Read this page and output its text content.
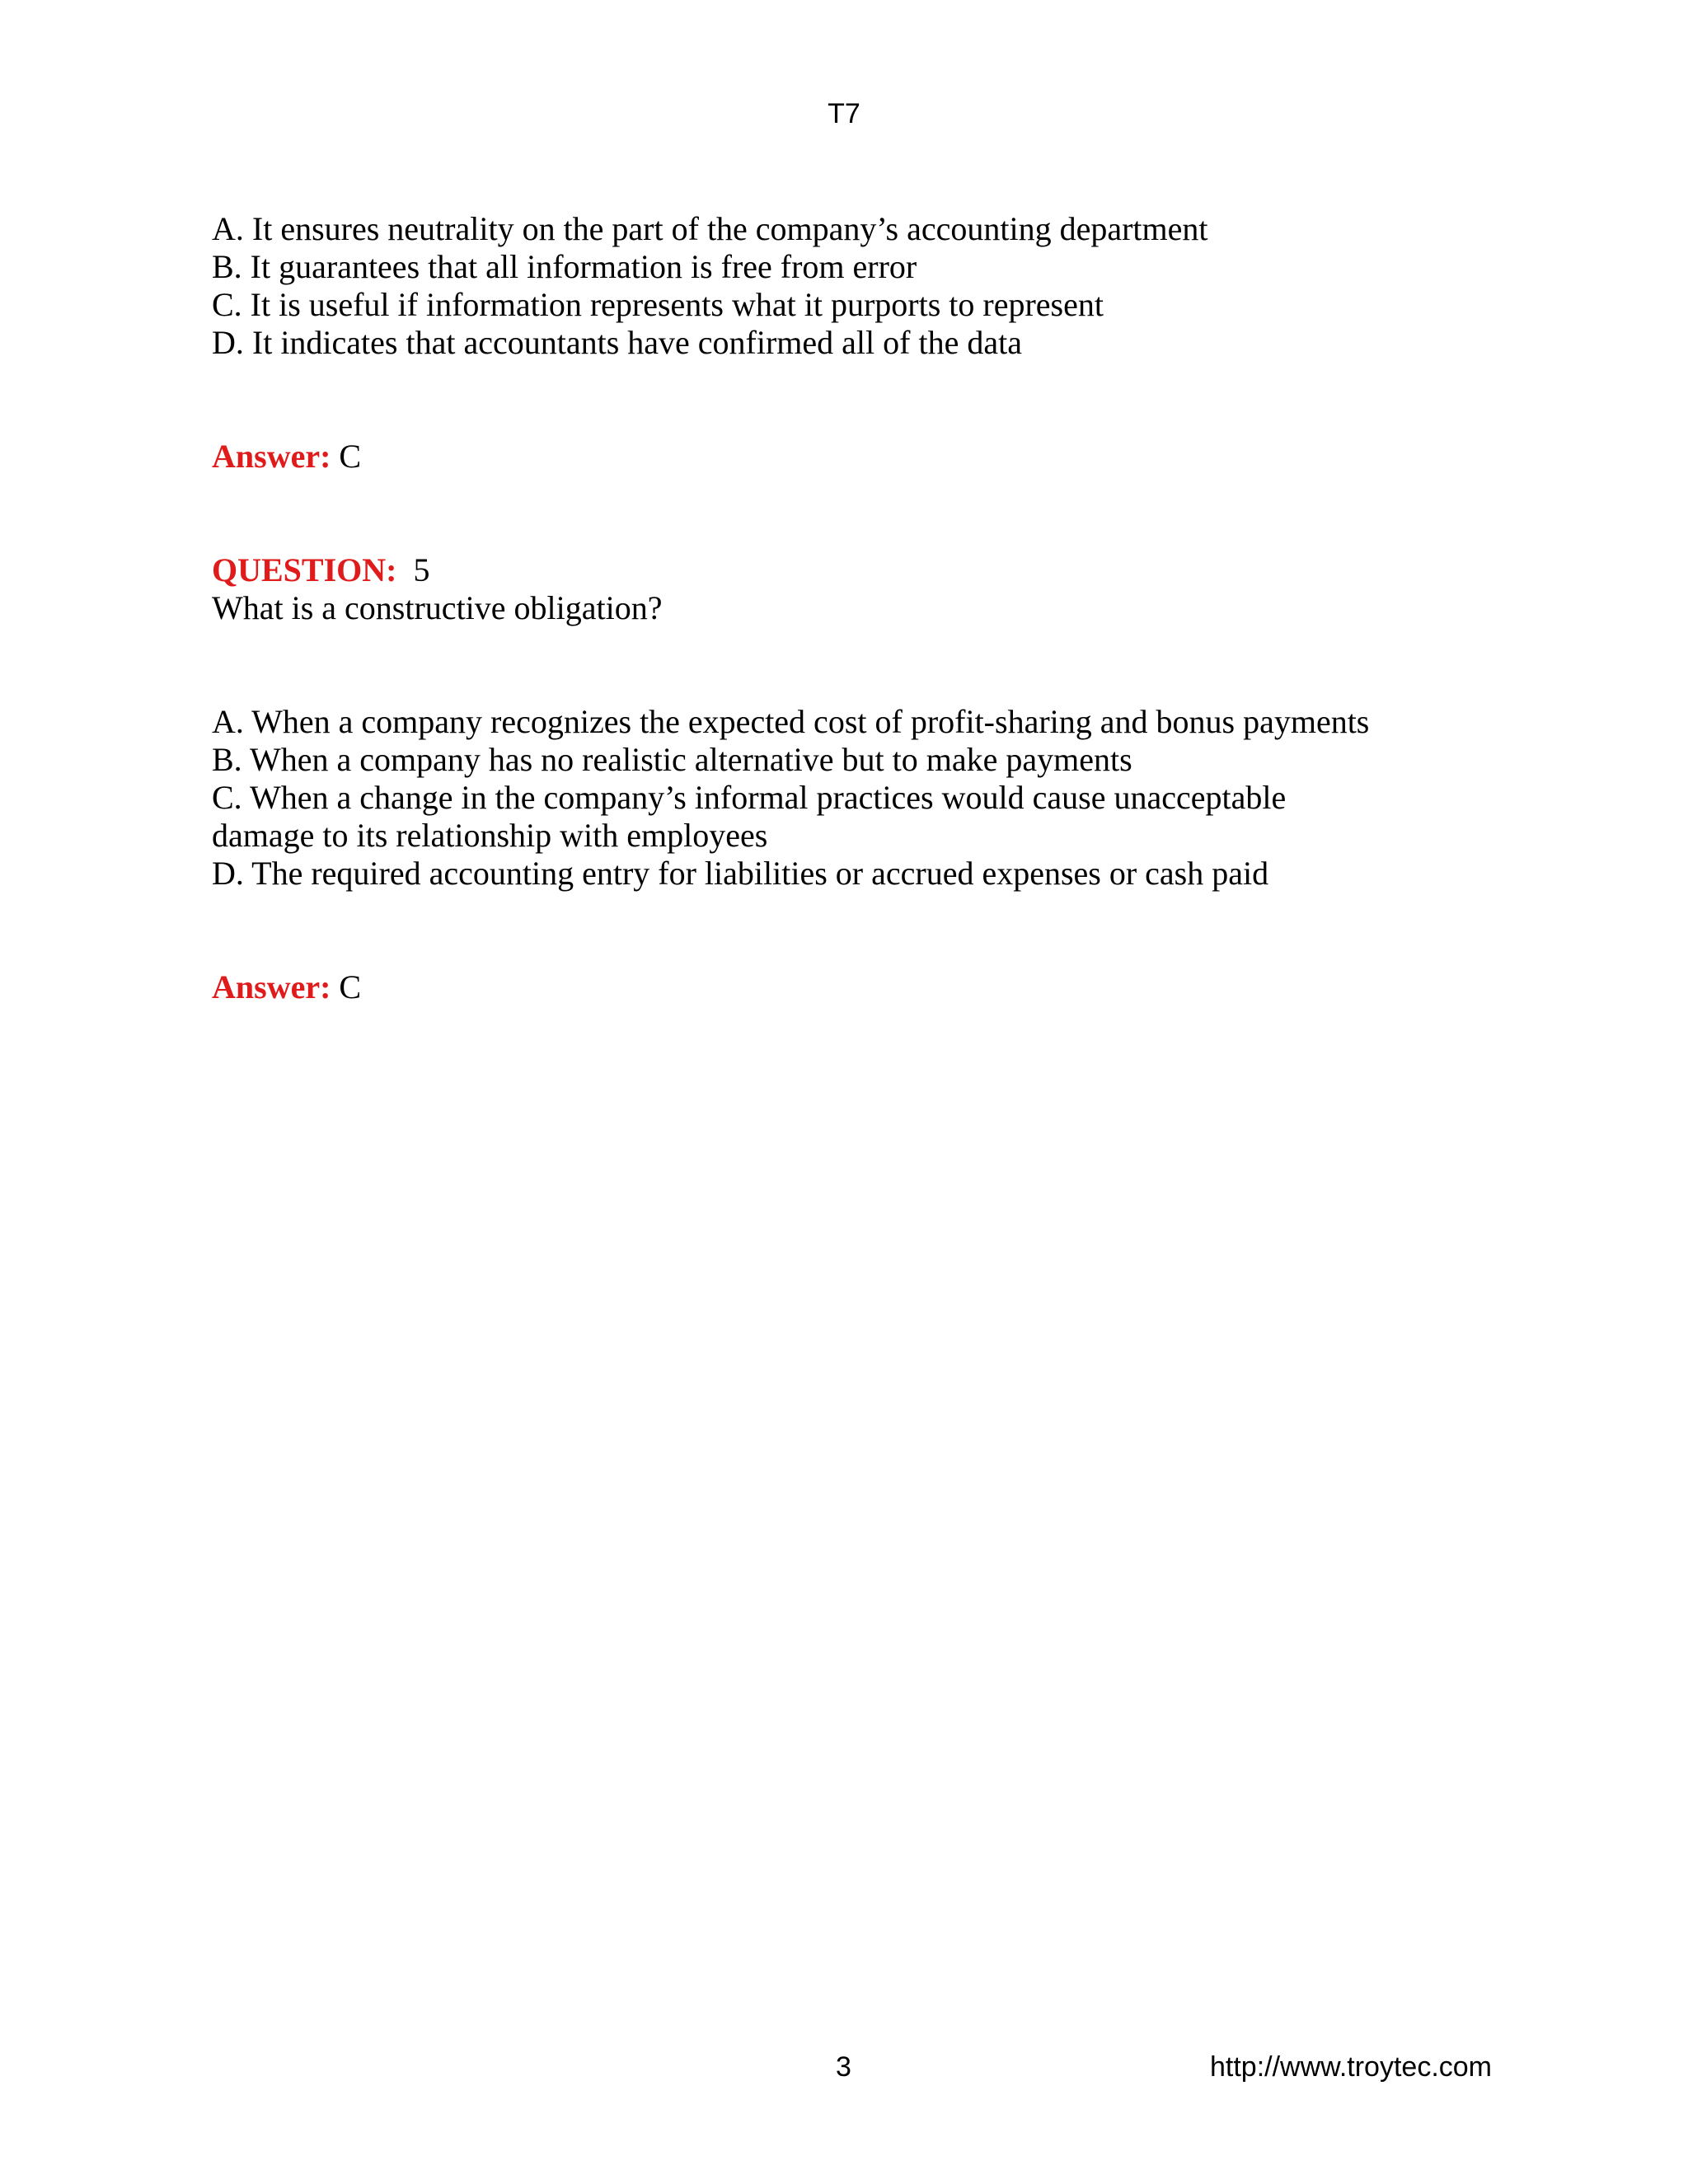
T7

A. It ensures neutrality on the part of the company’s accounting department

B. It guarantees that all information is free from error

C. It is useful if information represents what it purports to represent

D. It indicates that accountants have confirmed all of the data

Answer: C

QUESTION: 5

What is a constructive obligation?

A. When a company recognizes the expected cost of profit-sharing and bonus payments

B. When a company has no realistic alternative but to make payments

C. When a change in the company’s informal practices would cause unacceptable

damage to its relationship with employees

D. The required accounting entry for liabilities or accrued expenses or cash paid

Answer: C

3	http://www.troytec.com
